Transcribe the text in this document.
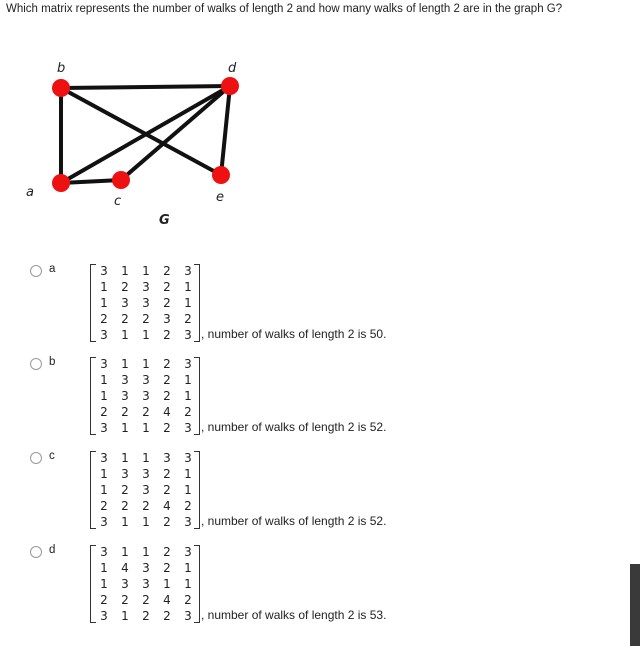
Which matrix represents the number of walks of length 2 and how many walks of length 2 are in the graph G?
a
b
c
d
e
G
a	3	1	1	2	3
1	2	3	2	1
1	3	3	2	1
2	2	2	3	2
3	1	1	2	3 , number of walks of length 2 is 50.
b	3	1	1	2	3
1	3	3	2	1
1	3	3	2	1
2	2	2	4	2
3	1	1	2	3 , number of walks of length 2 is 52.
c	3	1	1	3	3
1	3	3	2	1
1	2	3	2	1
2	2	2	4	2
3	1	1	2	3 , number of walks of length 2 is 52.
d	3	1	1	2	3
1	4	3	2	1
1	3	3	1	1
2	2	2	4	2
3	1	2	2	3 , number of walks of length 2 is 53.
